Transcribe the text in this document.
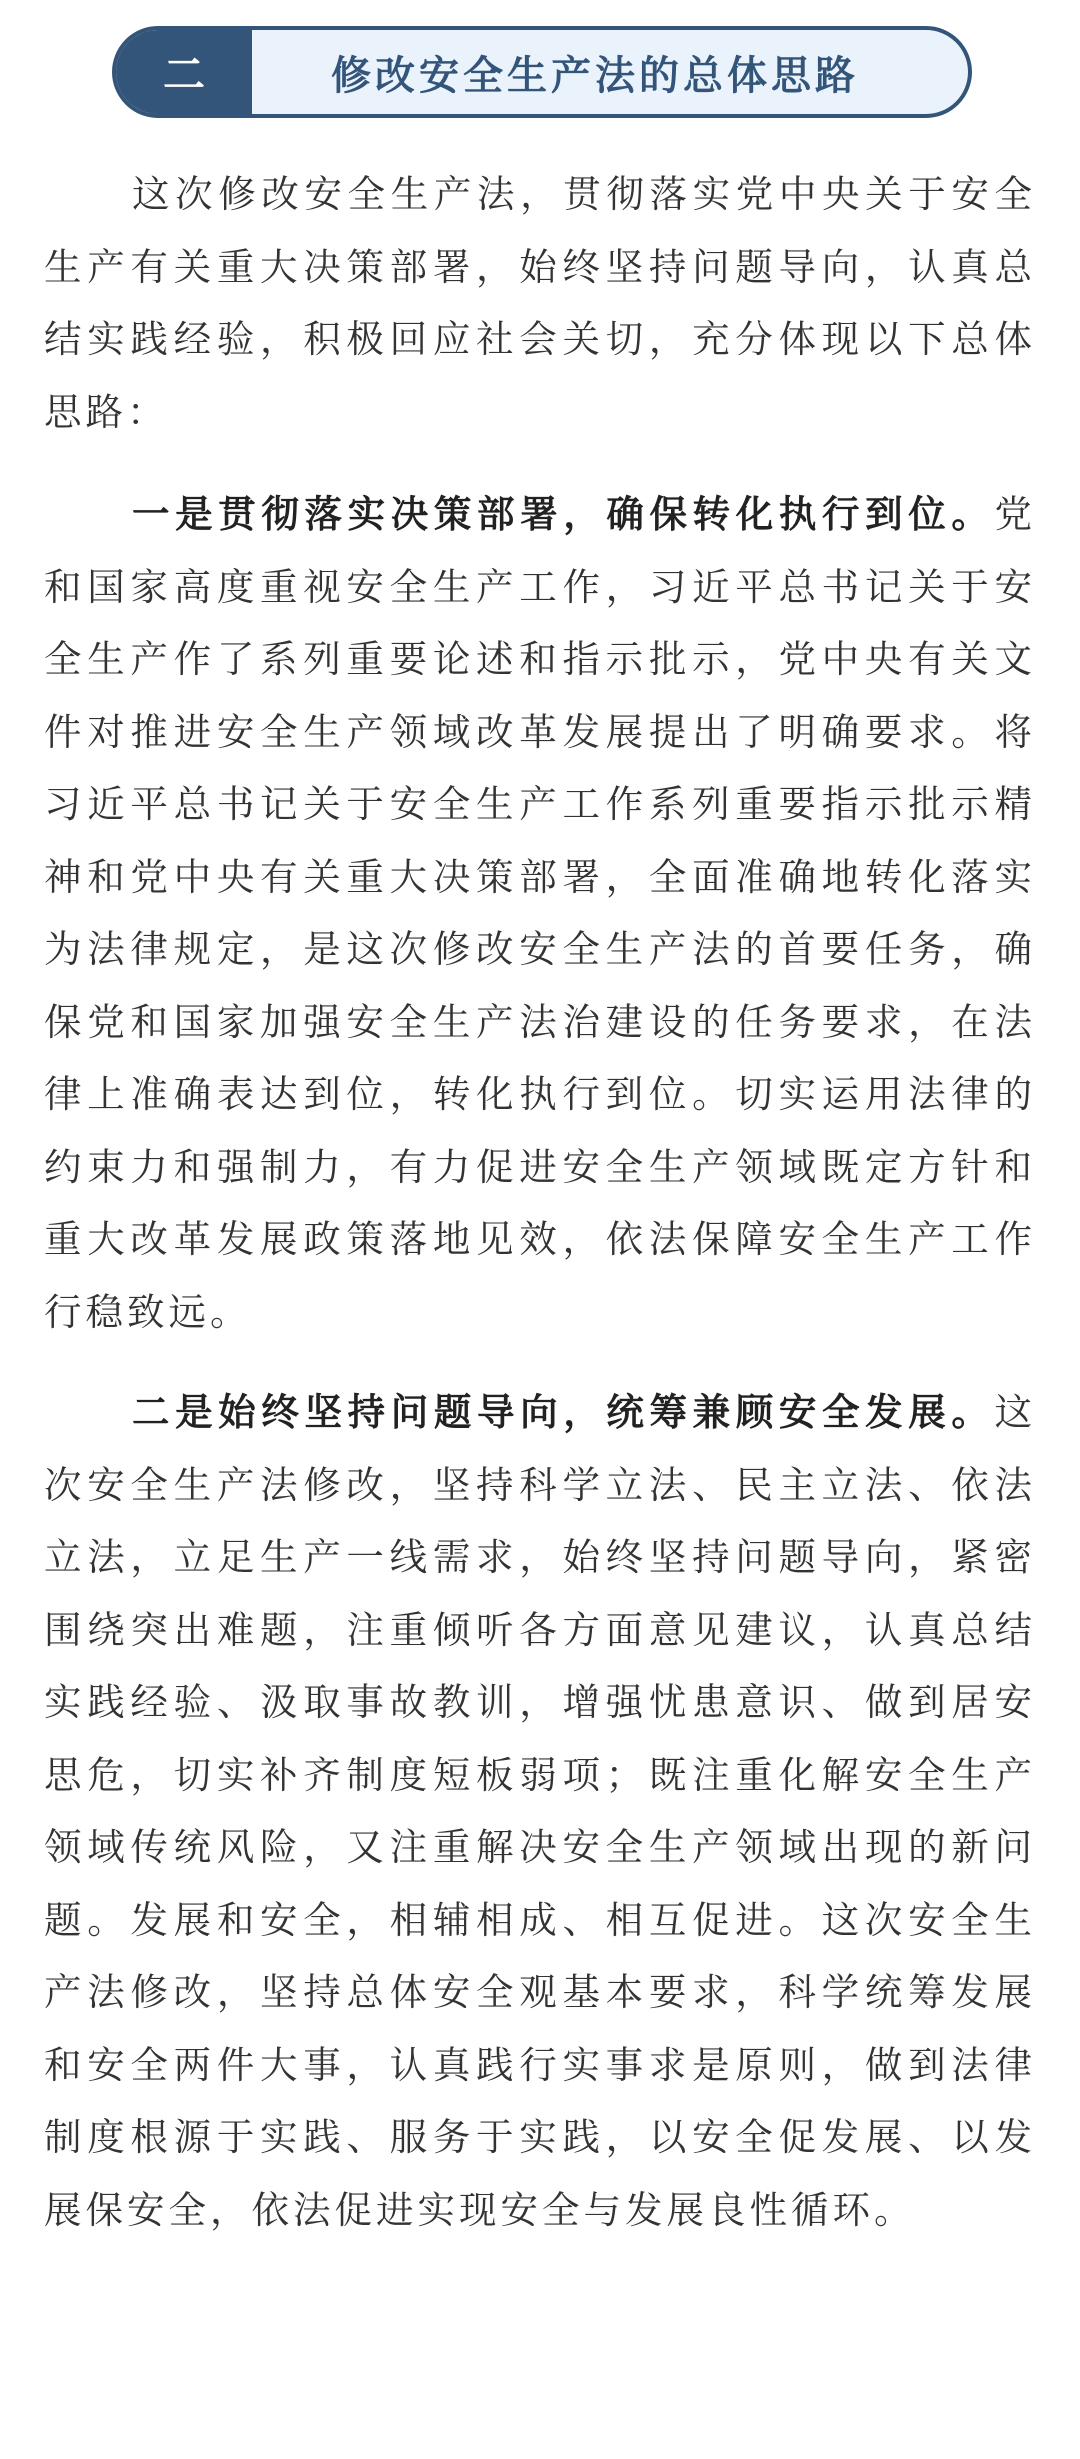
二	修改安全生产法的总体思路

这次修改安全生产法，贯彻落实党中央关于安全生产有关重大决策部署，始终坚持问题导向，认真总结实践经验，积极回应社会关切，充分体现以下总体思路：

一是贯彻落实决策部署，确保转化执行到位。党和国家高度重视安全生产工作，习近平总书记关于安全生产作了系列重要论述和指示批示，党中央有关文件对推进安全生产领域改革发展提出了明确要求。将习近平总书记关于安全生产工作系列重要指示批示精神和党中央有关重大决策部署，全面准确地转化落实为法律规定，是这次修改安全生产法的首要任务，确保党和国家加强安全生产法治建设的任务要求，在法律上准确表达到位，转化执行到位。切实运用法律的约束力和强制力，有力促进安全生产领域既定方针和重大改革发展政策落地见效，依法保障安全生产工作行稳致远。

二是始终坚持问题导向，统筹兼顾安全发展。这次安全生产法修改，坚持科学立法、民主立法、依法立法，立足生产一线需求，始终坚持问题导向，紧密围绕突出难题，注重倾听各方面意见建议，认真总结实践经验、汲取事故教训，增强忧患意识、做到居安思危，切实补齐制度短板弱项；既注重化解安全生产领域传统风险，又注重解决安全生产领域出现的新问题。发展和安全，相辅相成、相互促进。这次安全生产法修改，坚持总体安全观基本要求，科学统筹发展和安全两件大事，认真践行实事求是原则，做到法律制度根源于实践、服务于实践，以安全促发展、以发展保安全，依法促进实现安全与发展良性循环。
